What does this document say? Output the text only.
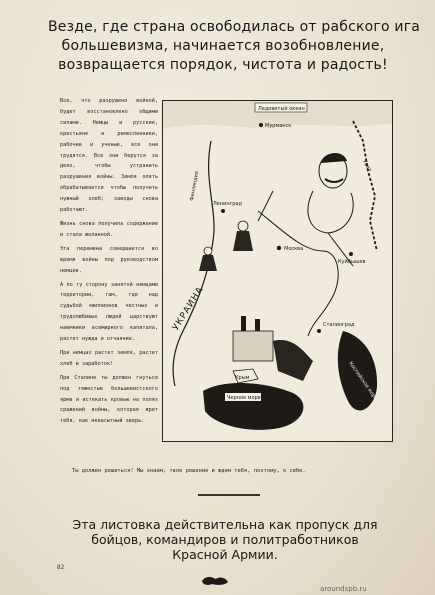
Везде, где страна освободилась от рабского ига
большевизма, начинается возобновление,
возвращается порядок, чистота и радость!

Все, что разрушено войной, будет восстановлено общими силами. Немцы и русские, крестьяне и ремесленники, рабочие и ученые, все они трудятся. Все они берутся за дело, чтобы устранить разрушения войны. Земля опять обрабатывается чтобы получить нужный хлеб; заводы снова работают.

Жизнь снова получила содержание и стала желанной.

Эта перемена совершается во время войны под руководством немцев.

А по ту сторону занятой немцами территории, там, где над судьбой миллионов честных и трудолюбивых людей царствуют наемники всемирного капитала, растет нужда и отчаяние.

При немцах растет земля, растет хлеб и заработок!

При Сталине ты должен гнуться под тяжестью большевистского ярма и истекать кровью на полях сражений войны, которая жрет тебя, как ненасытный зверь.

Ледовитый океан
Мурманск
Урал
Финляндия
Ленинград
Москва
Куйбышев
Сталинград
УКРАИНА
Каспийское море
Черное море
Крым
Ты должен решиться! Мы знаем, твое решение и ждем тебя, поэтому, к себе.
Эта листовка действительна как пропуск для
бойцов, командиров и политработников
Красной Армии.
82
aroundspb.ru
